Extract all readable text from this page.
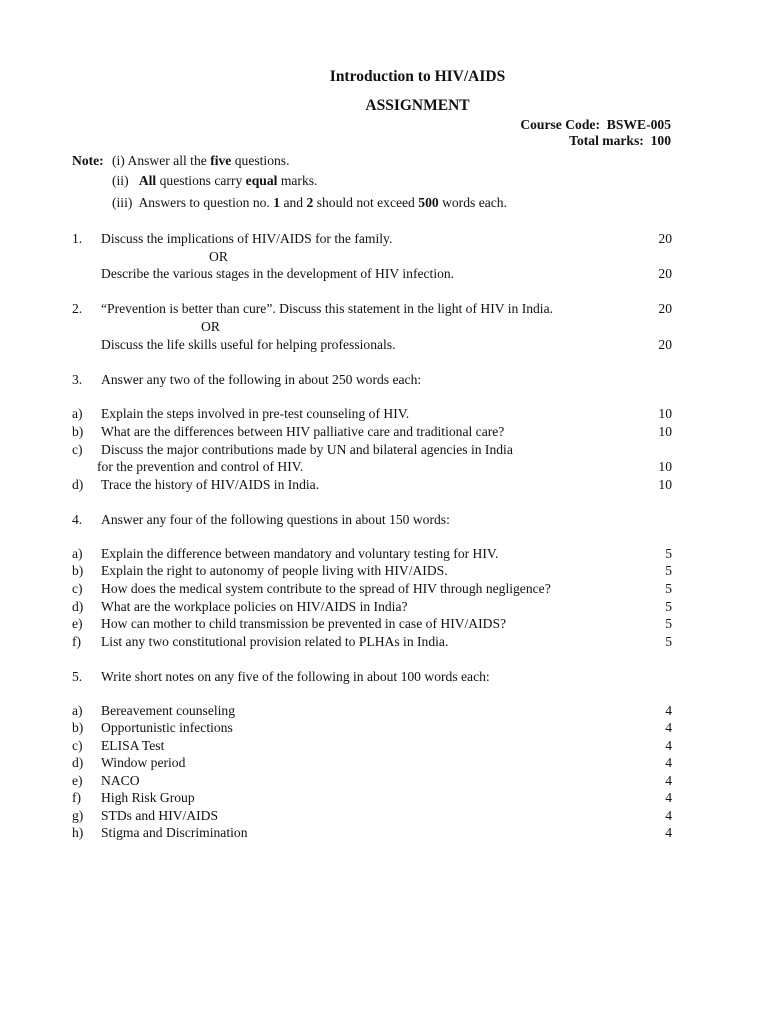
Introduction to HIV/AIDS
ASSIGNMENT
Course Code: BSWE-005
Total marks: 100
Note: (i) Answer all the five questions.
(ii) All questions carry equal marks.
(iii) Answers to question no. 1 and 2 should not exceed 500 words each.
1. Discuss the implications of HIV/AIDS for the family.	20
OR
Describe the various stages in the development of HIV infection.	20
2. “Prevention is better than cure”. Discuss this statement in the light of HIV in India.	20
OR
Discuss the life skills useful for helping professionals.	20
3. Answer any two of the following in about 250 words each:
a) Explain the steps involved in pre-test counseling of HIV.	10
b) What are the differences between HIV palliative care and traditional care?	10
c) Discuss the major contributions made by UN and bilateral agencies in India
for the prevention and control of HIV.	10
d) Trace the history of HIV/AIDS in India.	10
4. Answer any four of the following questions in about 150 words:
a) Explain the difference between mandatory and voluntary testing for HIV.	5
b) Explain the right to autonomy of people living with HIV/AIDS.	5
c) How does the medical system contribute to the spread of HIV through negligence?	5
d) What are the workplace policies on HIV/AIDS in India?	5
e) How can mother to child transmission be prevented in case of HIV/AIDS?	5
f) List any two constitutional provision related to PLHAs in India.	5
5. Write short notes on any five of the following in about 100 words each:
a) Bereavement counseling	4
b) Opportunistic infections	4
c) ELISA Test	4
d) Window period	4
e) NACO	4
f) High Risk Group	4
g) STDs and HIV/AIDS	4
h) Stigma and Discrimination	4
